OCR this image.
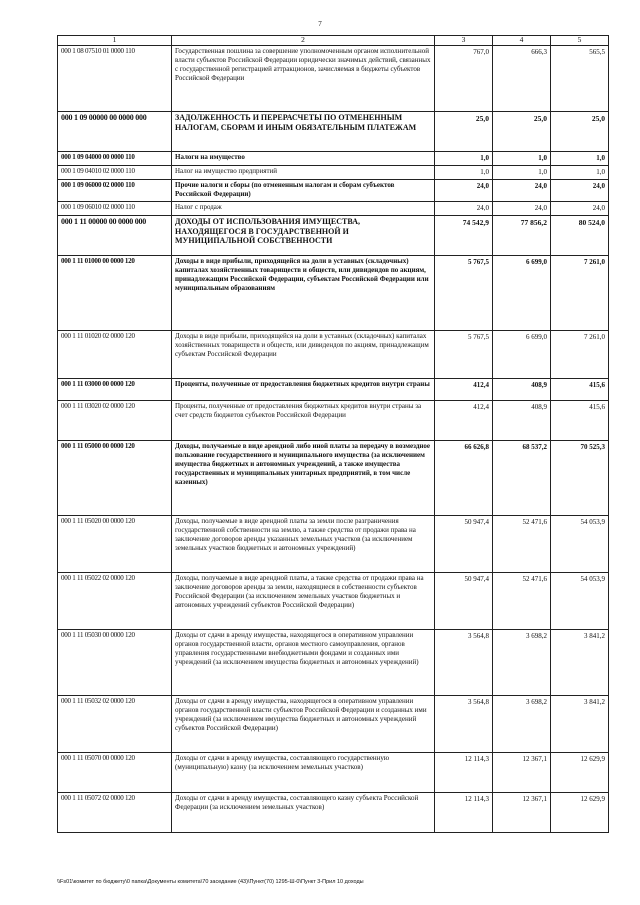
7
1	2	3	4	5
000 1 08 07510 01 0000 110	Государственная пошлина за совершение уполномоченным органом исполнительной власти субъектов Российской Федерации юридически значимых действий, связанных с государственной регистрацией аттракционов, зачисляемая в бюджеты субъектов Российской Федерации	767,0	666,3	565,5
000 1 09 00000 00 0000 000	ЗАДОЛЖЕННОСТЬ И ПЕРЕРАСЧЕТЫ ПО ОТМЕНЕННЫМ НАЛОГАМ, СБОРАМ И ИНЫМ ОБЯЗАТЕЛЬНЫМ ПЛАТЕЖАМ	25,0	25,0	25,0
000 1 09 04000 00 0000 110	Налоги на имущество	1,0	1,0	1,0
000 1 09 04010 02 0000 110	Налог на имущество предприятий	1,0	1,0	1,0
000 1 09 06000 02 0000 110	Прочие налоги и сборы (по отмененным налогам и сборам субъектов Российской Федерации)	24,0	24,0	24,0
000 1 09 06010 02 0000 110	Налог с продаж	24,0	24,0	24,0
000 1 11 00000 00 0000 000	ДОХОДЫ ОТ ИСПОЛЬЗОВАНИЯ ИМУЩЕСТВА, НАХОДЯЩЕГОСЯ В ГОСУДАРСТВЕННОЙ И МУНИЦИПАЛЬНОЙ СОБСТВЕННОСТИ	74 542,9	77 856,2	80 524,0
000 1 11 01000 00 0000 120	Доходы в виде прибыли, приходящейся на доли в уставных (складочных) капиталах хозяйственных товариществ и обществ, или дивидендов по акциям, принадлежащим Российской Федерации, субъектам Российской Федерации или муниципальным образованиям	5 767,5	6 699,0	7 261,0
000 1 11 01020 02 0000 120	Доходы в виде прибыли, приходящейся на доли в уставных (складочных) капиталах хозяйственных товариществ и обществ, или дивидендов по акциям, принадлежащим субъектам Российской Федерации	5 767,5	6 699,0	7 261,0
000 1 11 03000 00 0000 120	Проценты, полученные от предоставления бюджетных кредитов внутри страны	412,4	408,9	415,6
000 1 11 03020 02 0000 120	Проценты, полученные от предоставления бюджетных кредитов внутри страны за счет средств бюджетов субъектов Российской Федерации	412,4	408,9	415,6
000 1 11 05000 00 0000 120	Доходы, получаемые в виде арендной либо иной платы за передачу в возмездное пользование государственного и муниципального имущества (за исключением имущества бюджетных и автономных учреждений, а также имущества государственных и муниципальных унитарных предприятий, в том числе казенных)	66 626,8	68 537,2	70 525,3
000 1 11 05020 00 0000 120	Доходы, получаемые в виде арендной платы за земли после разграничения государственной собственности на землю, а также средства от продажи права на заключение договоров аренды указанных земельных участков (за исключением земельных участков бюджетных и автономных учреждений)	50 947,4	52 471,6	54 053,9
000 1 11 05022 02 0000 120	Доходы, получаемые в виде арендной платы, а также средства от продажи права на заключение договоров аренды за земли, находящиеся в собственности субъектов Российской Федерации (за исключением земельных участков бюджетных и автономных учреждений субъектов Российской Федерации)	50 947,4	52 471,6	54 053,9
000 1 11 05030 00 0000 120	Доходы от сдачи в аренду имущества, находящегося в оперативном управлении органов государственной власти, органов местного самоуправления, органов управления государственными внебюджетными фондами и созданных ими учреждений (за исключением имущества бюджетных и автономных учреждений)	3 564,8	3 698,2	3 841,2
000 1 11 05032 02 0000 120	Доходы от сдачи в аренду имущества, находящегося в оперативном управлении органов государственной власти субъектов Российской Федерации и созданных ими учреждений (за исключением имущества бюджетных и автономных учреждений субъектов Российской Федерации)	3 564,8	3 698,2	3 841,2
000 1 11 05070 00 0000 120	Доходы от сдачи в аренду имущества, составляющего государственную (муниципальную) казну (за исключением земельных участков)	12 114,3	12 367,1	12 629,9
000 1 11 05072 02 0000 120	Доходы от сдачи в аренду имущества, составляющего казну субъекта Российской Федерации (за исключением земельных участков)	12 114,3	12 367,1	12 629,9
\\Fs01\комитет по бюджету\0 папка\Документы комитета\70 заседание (43)\Пункт(70) 1295-Ш-0\Пункт 3-Прил 10 доходы
